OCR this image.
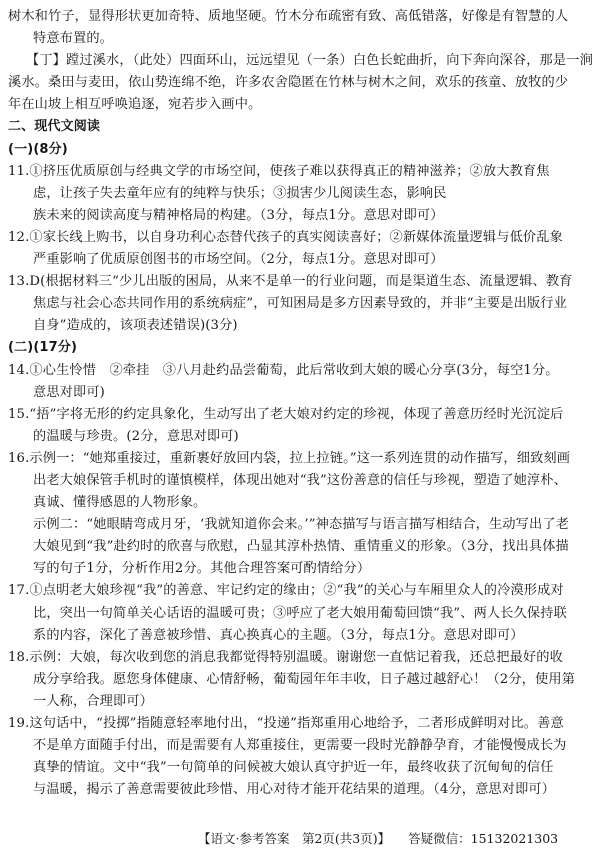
树木和竹子，显得形状更加奇特、质地坚硬。竹木分布疏密有致、高低错落，好像是有智慧的人
特意布置的。
【丁】蹚过溪水，（此处）四面环山，远远望见（一条）白色长蛇曲折，向下奔向深谷，那是一涧
溪水。桑田与麦田，依山势连绵不绝，许多农舍隐匿在竹林与树木之间，欢乐的孩童、放牧的少
年在山坡上相互呼唤追逐，宛若步入画中。
二、现代文阅读
(一)(8分)
11.①挤压优质原创与经典文学的市场空间，使孩子难以获得真正的精神滋养；②放大教育焦
虑，让孩子失去童年应有的纯粹与快乐；③损害少儿阅读生态，影响民
族未来的阅读高度与精神格局的构建。（3分，每点1分。意思对即可）
12.①家长线上购书，以自身功利心态替代孩子的真实阅读喜好；②新媒体流量逻辑与低价乱象
严重影响了优质原创图书的市场空间。（2分，每点1分。意思对即可）
13.D(根据材料三“少儿出版的困局，从来不是单一的行业问题，而是渠道生态、流量逻辑、教育
焦虑与社会心态共同作用的系统病症”，可知困局是多方因素导致的，并非“主要是出版行业
自身”造成的，该项表述错误)(3分)
(二)(17分)
14.①心生怜惜　②牵挂　③八月赴约品尝葡萄，此后常收到大娘的暖心分享(3分，每空1分。
意思对即可)
15.“捂”字将无形的约定具象化，生动写出了老大娘对约定的珍视，体现了善意历经时光沉淀后
的温暖与珍贵。(2分，意思对即可)
16.示例一：“她郑重接过，重新裹好放回内袋，拉上拉链。”这一系列连贯的动作描写，细致刻画
出老大娘保管手机时的谨慎模样，体现出她对“我”这份善意的信任与珍视，塑造了她淳朴、
真诚、懂得感恩的人物形象。
示例二：“她眼睛弯成月牙，‘我就知道你会来。’”神态描写与语言描写相结合，生动写出了老
大娘见到“我”赴约时的欣喜与欣慰，凸显其淳朴热情、重情重义的形象。（3分，找出具体描
写的句子1分，分析作用2分。其他合理答案可酌情给分）
17.①点明老大娘珍视“我”的善意、牢记约定的缘由；②“我”的关心与车厢里众人的冷漠形成对
比，突出一句简单关心话语的温暖可贵；③呼应了老大娘用葡萄回馈“我”、两人长久保持联
系的内容，深化了善意被珍惜、真心换真心的主题。（3分，每点1分。意思对即可）
18.示例：大娘，每次收到您的消息我都觉得特别温暖。谢谢您一直惦记着我，还总把最好的收
成分享给我。愿您身体健康、心情舒畅，葡萄园年年丰收，日子越过越舒心！（2分，使用第
一人称，合理即可）
19.这句话中，“投掷”指随意轻率地付出，“投递”指郑重用心地给予，二者形成鲜明对比。善意
不是单方面随手付出，而是需要有人郑重接住，更需要一段时光静静孕育，才能慢慢成长为
真挚的情谊。文中“我”一句简单的问候被大娘认真守护近一年，最终收获了沉甸甸的信任
与温暖，揭示了善意需要彼此珍惜、用心对待才能开花结果的道理。（4分，意思对即可）
【语文·参考答案　第2页(共3页)】 答疑微信：15132021303
